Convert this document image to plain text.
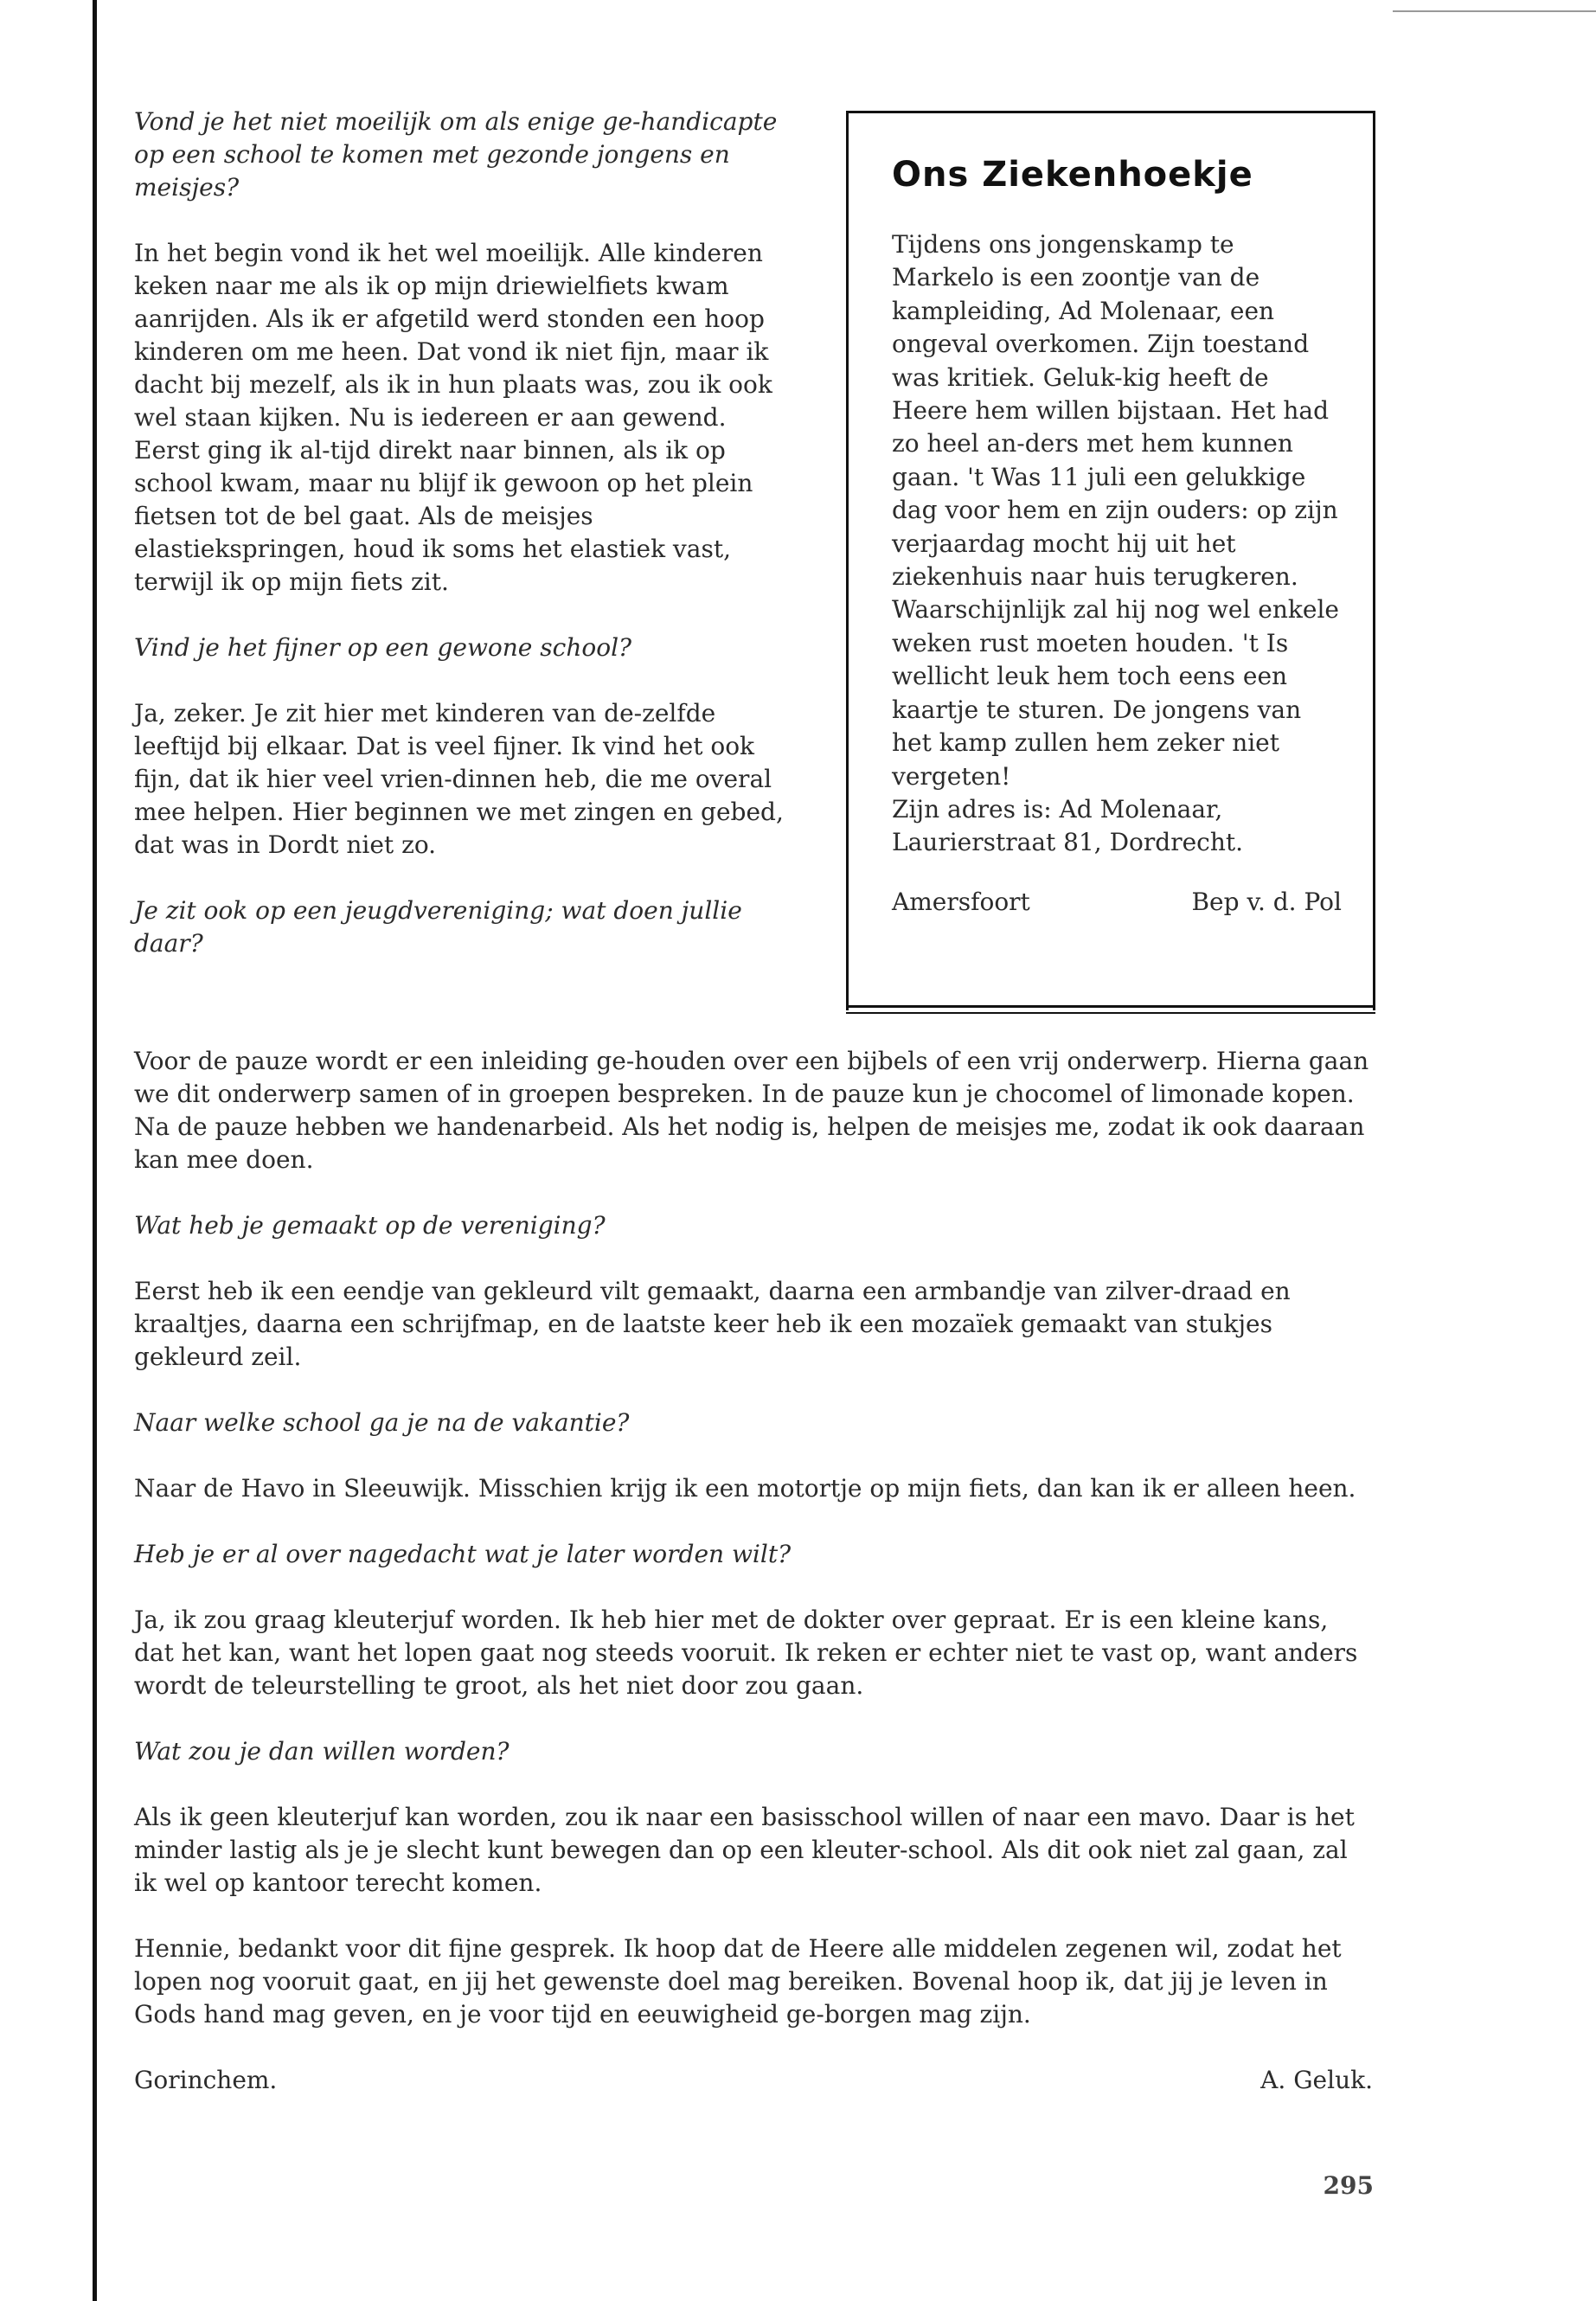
Vond je het niet moeilijk om als enige ge-handicapte op een school te komen met gezonde jongens en meisjes?

In het begin vond ik het wel moeilijk. Alle kinderen keken naar me als ik op mijn driewielfiets kwam aanrijden. Als ik er afgetild werd stonden een hoop kinderen om me heen. Dat vond ik niet fijn, maar ik dacht bij mezelf, als ik in hun plaats was, zou ik ook wel staan kijken. Nu is iedereen er aan gewend. Eerst ging ik al-tijd direkt naar binnen, als ik op school kwam, maar nu blijf ik gewoon op het plein fietsen tot de bel gaat. Als de meisjes elastiekspringen, houd ik soms het elastiek vast, terwijl ik op mijn fiets zit.

Vind je het fijner op een gewone school?

Ja, zeker. Je zit hier met kinderen van de-zelfde leeftijd bij elkaar. Dat is veel fijner. Ik vind het ook fijn, dat ik hier veel vrien-dinnen heb, die me overal mee helpen. Hier beginnen we met zingen en gebed, dat was in Dordt niet zo.

Je zit ook op een jeugdvereniging; wat doen jullie daar?

Ons Ziekenhoekje

Tijdens ons jongenskamp te Markelo is een zoontje van de kampleiding, Ad Molenaar, een ongeval overkomen. Zijn toestand was kritiek. Geluk-kig heeft de Heere hem willen bijstaan. Het had zo heel an-ders met hem kunnen gaan. 't Was 11 juli een gelukkige dag voor hem en zijn ouders: op zijn verjaardag mocht hij uit het ziekenhuis naar huis terugkeren. Waarschijnlijk zal hij nog wel enkele weken rust moeten houden. 't Is wellicht leuk hem toch eens een kaartje te sturen. De jongens van het kamp zullen hem zeker niet vergeten!

Zijn adres is: Ad Molenaar, Laurierstraat 81, Dordrecht.

Amersfoort	Bep v. d. Pol

Voor de pauze wordt er een inleiding ge-houden over een bijbels of een vrij onderwerp. Hierna gaan we dit onderwerp samen of in groepen bespreken. In de pauze kun je chocomel of limonade kopen. Na de pauze hebben we handenarbeid. Als het nodig is, helpen de meisjes me, zodat ik ook daaraan kan mee doen.

Wat heb je gemaakt op de vereniging?

Eerst heb ik een eendje van gekleurd vilt gemaakt, daarna een armbandje van zilver-draad en kraaltjes, daarna een schrijfmap, en de laatste keer heb ik een mozaïek gemaakt van stukjes gekleurd zeil.

Naar welke school ga je na de vakantie?

Naar de Havo in Sleeuwijk. Misschien krijg ik een motortje op mijn fiets, dan kan ik er alleen heen.

Heb je er al over nagedacht wat je later worden wilt?

Ja, ik zou graag kleuterjuf worden. Ik heb hier met de dokter over gepraat. Er is een kleine kans, dat het kan, want het lopen gaat nog steeds vooruit. Ik reken er echter niet te vast op, want anders wordt de teleurstelling te groot, als het niet door zou gaan.

Wat zou je dan willen worden?

Als ik geen kleuterjuf kan worden, zou ik naar een basisschool willen of naar een mavo. Daar is het minder lastig als je je slecht kunt bewegen dan op een kleuter-school. Als dit ook niet zal gaan, zal ik wel op kantoor terecht komen.

Hennie, bedankt voor dit fijne gesprek. Ik hoop dat de Heere alle middelen zegenen wil, zodat het lopen nog vooruit gaat, en jij het gewenste doel mag bereiken. Bovenal hoop ik, dat jij je leven in Gods hand mag geven, en je voor tijd en eeuwigheid ge-borgen mag zijn.

Gorinchem.	A. Geluk.
295
